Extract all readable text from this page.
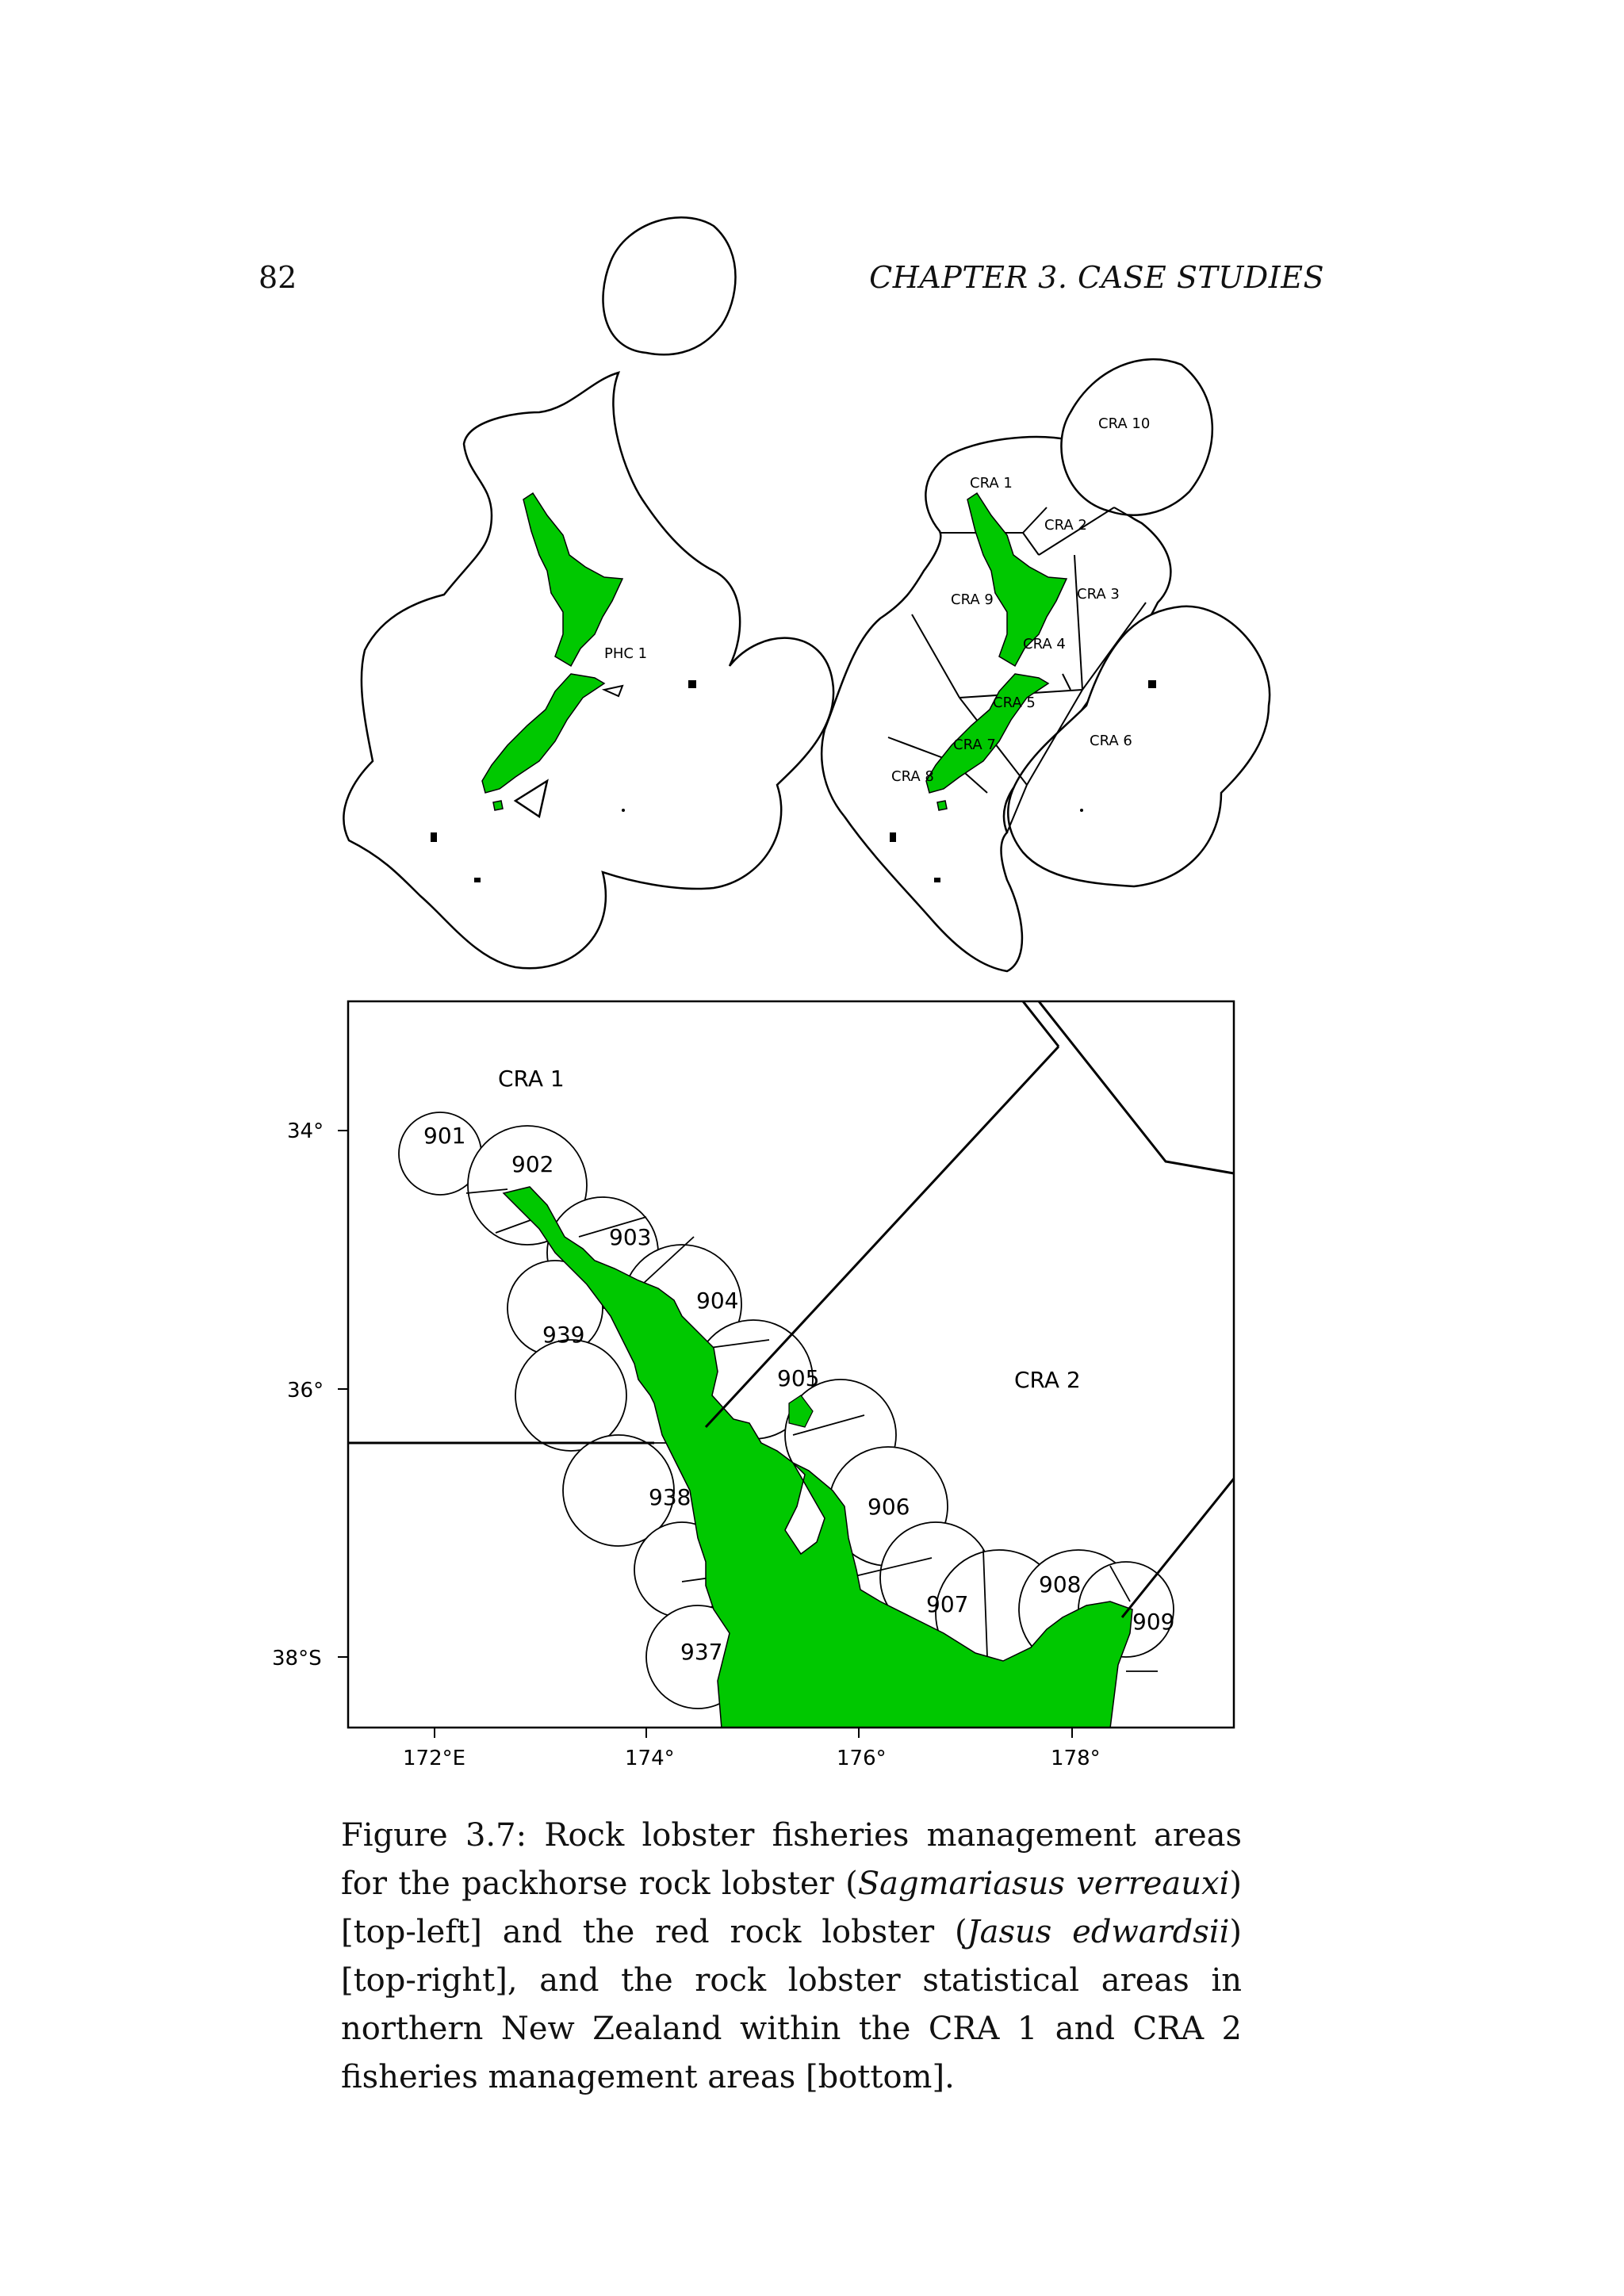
82	CHAPTER 3. CASE STUDIES
PHC 1
CRA 10
CRA 1
CRA 2
CRA 3
CRA 9
CRA 4
CRA 5
CRA 7	CRA 6
CRA 8
34°
36°
38°S
172°E	174°	176°	178°
CRA 1
CRA 2
901
902
903
904
905
906
907
908
909
937
938
939
Figure 3.7: Rock lobster fisheries management areas for the packhorse rock lobster (Sagmariasus verreauxi) [top-left] and the red rock lobster (Jasus edwardsii) [top-right], and the rock lobster statistical areas in northern New Zealand within the CRA 1 and CRA 2 fisheries management areas [bottom].
